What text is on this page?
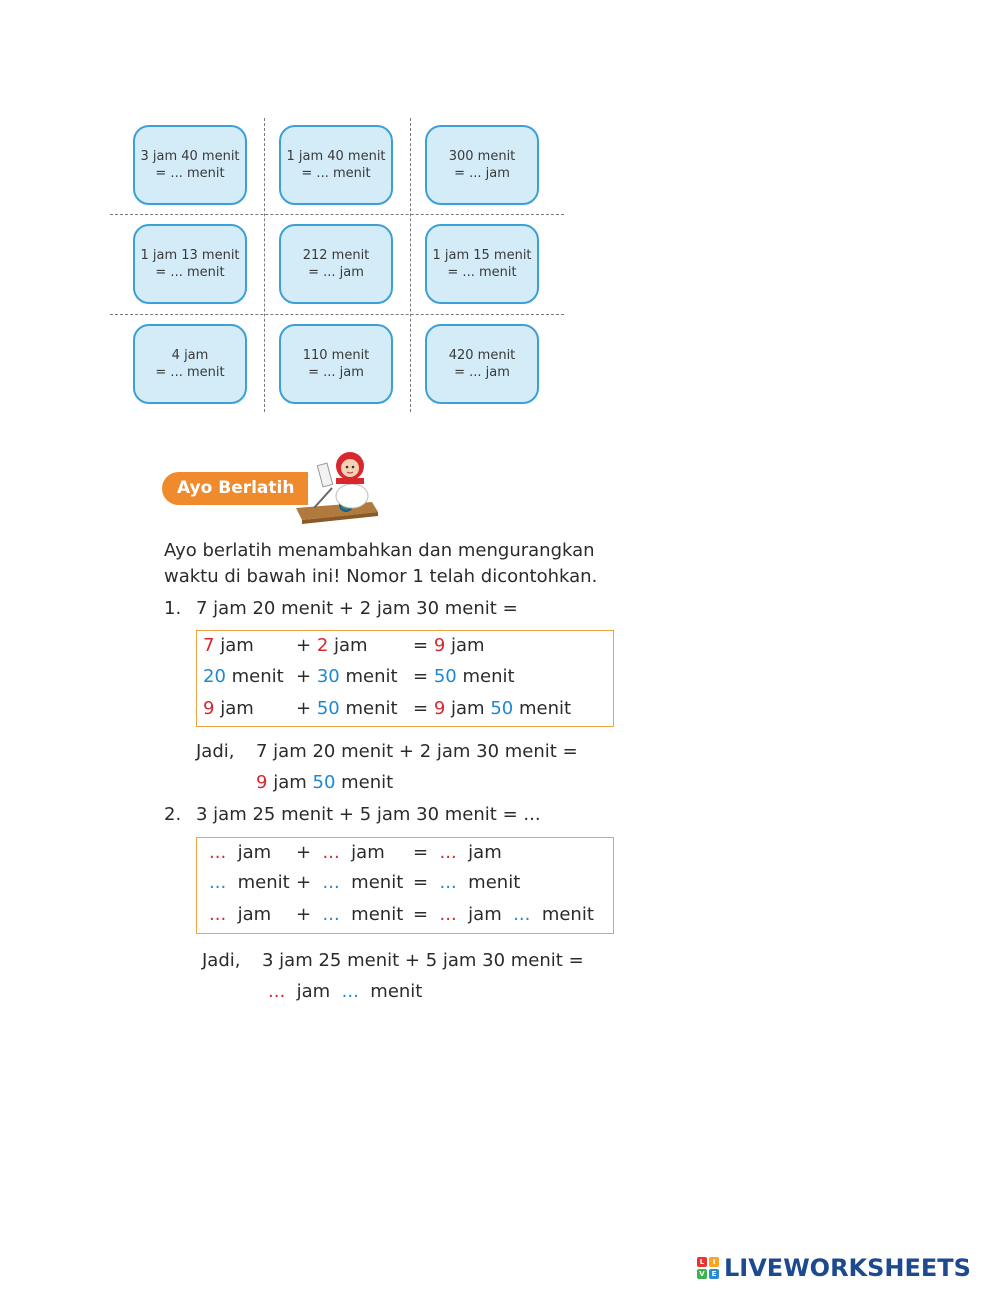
3 jam 40 menit
= ... menit
1 jam 40 menit
= ... menit
300 menit
= ... jam
1 jam 13 menit
= ... menit
212 menit
= ... jam
1 jam 15 menit
= ... menit
4 jam
= ... menit
110 menit
= ... jam
420 menit
= ... jam
Ayo Berlatih
Ayo berlatih menambahkan dan mengurangkan
waktu di bawah ini! Nomor 1 telah dicontohkan.
1. 7 jam 20 menit + 2 jam 30 menit =
7 jam + 2 jam	= 9 jam
20 menit + 30 menit = 50 menit
9 jam + 50 menit = 9 jam 50 menit
Jadi, 7 jam 20 menit + 2 jam 30 menit =
9 jam 50 menit
2. 3 jam 25 menit + 5 jam 30 menit = ...
... jam + ... jam = ... jam
... menit + ... menit = ... menit
... jam + ... menit = ... jam ... menit
Jadi, 3 jam 25 menit + 5 jam 30 menit =
... jam ... menit
L	I
V E LIVEWORKSHEETS
